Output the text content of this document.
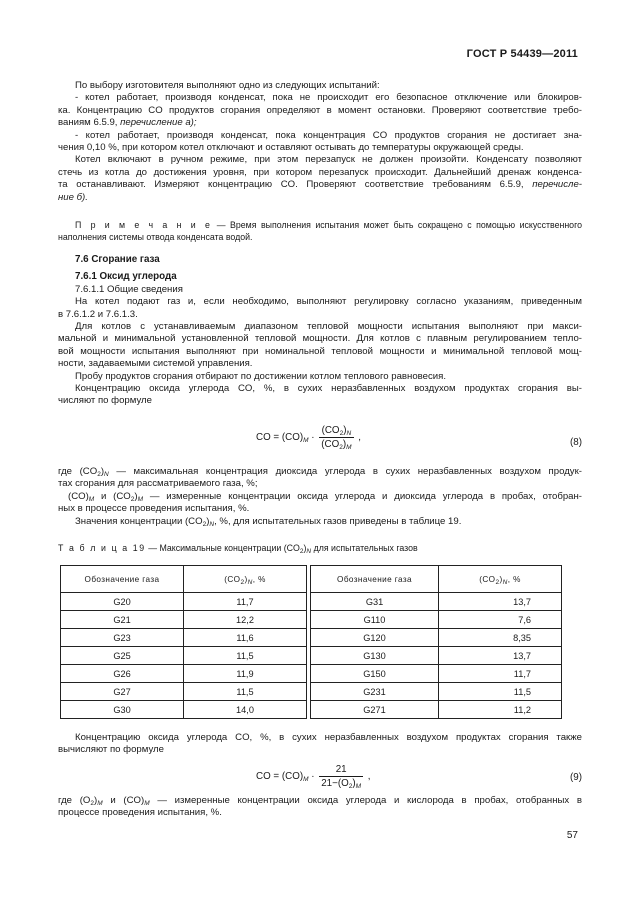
ГОСТ Р 54439—2011
По выбору изготовителя выполняют одно из следующих испытаний:
- котел работает, производя конденсат, пока не происходит его безопасное отключение или блокиров-
ка. Концентрацию CO продуктов сгорания определяют в момент остановки. Проверяют соответствие требо-
ваниям 6.5.9, перечисление а);
- котел работает, производя конденсат, пока концентрация CO продуктов сгорания не достигает зна-
чения 0,10 %, при котором котел отключают и оставляют остывать до температуры окружающей среды.
Котел включают в ручном режиме, при этом перезапуск не должен произойти. Конденсату позволяют
стечь из котла до достижения уровня, при котором перезапуск происходит. Дальнейший дренаж конденса-
та останавливают. Измеряют концентрацию CO. Проверяют соответствие требованиям 6.5.9, перечисле-
ние б).
П р и м е ч а н и е — Время выполнения испытания может быть сокращено с помощью искусственного
наполнения системы отвода конденсата водой.
7.6 Сгорание газа
7.6.1 Оксид углерода
7.6.1.1 Общие сведения
На котел подают газ и, если необходимо, выполняют регулировку согласно указаниям, приведенным
в 7.6.1.2 и 7.6.1.3.
Для котлов с устанавливаемым диапазоном тепловой мощности испытания выполняют при макси-
мальной и минимальной установленной тепловой мощности. Для котлов с плавным регулированием тепло-
вой мощности испытания выполняют при номинальной тепловой мощности и минимальной тепловой мощ-
ности, задаваемыми системой управления.
Пробу продуктов сгорания отбирают по достижении котлом теплового равновесия.
Концентрацию оксида углерода CO, %, в сухих неразбавленных воздухом продуктах сгорания вы-
числяют по формуле
CO = $(CO)_M \cdot \frac{(CO_2)_N}{(CO_2)_M}$ ,	(8)
где $(CO_2)_N$ — максимальная концентрация диоксида углерода в сухих неразбавленных воздухом продук-
тах сгорания для рассматриваемого газа, %;
$(CO)_M$ и $(CO_2)_M$ — измеренные концентрации оксида углерода и диоксида углерода в пробах, отобран-
ных в процессе проведения испытания, %.
Значения концентрации $(CO_2)_N$, %, для испытательных газов приведены в таблице 19.
Т а б л и ц а 19 — Максимальные концентрации $(CO_2)_N$ для испытательных газов
Обозначение газа	$(CO_2)_N$, %		Обозначение газа	$(CO_2)_N$, %
G20	11,7		G31	13,7
G21	12,2		G110	7,6
G23	11,6		G120	8,35
G25	11,5		G130	13,7
G26	11,9		G150	11,7
G27	11,5		G231	11,5
G30	14,0		G271	11,2
Концентрацию оксида углерода CO, %, в сухих неразбавленных воздухом продуктах сгорания также
вычисляют по формуле
CO = $(CO)_M \cdot \frac{21}{21-(O_2)_M}$ ,	(9)
где $(O_2)_M$ и $(CO)_M$ — измеренные концентрации оксида углерода и кислорода в пробах, отобранных в
процессе проведения испытания, %.
57
